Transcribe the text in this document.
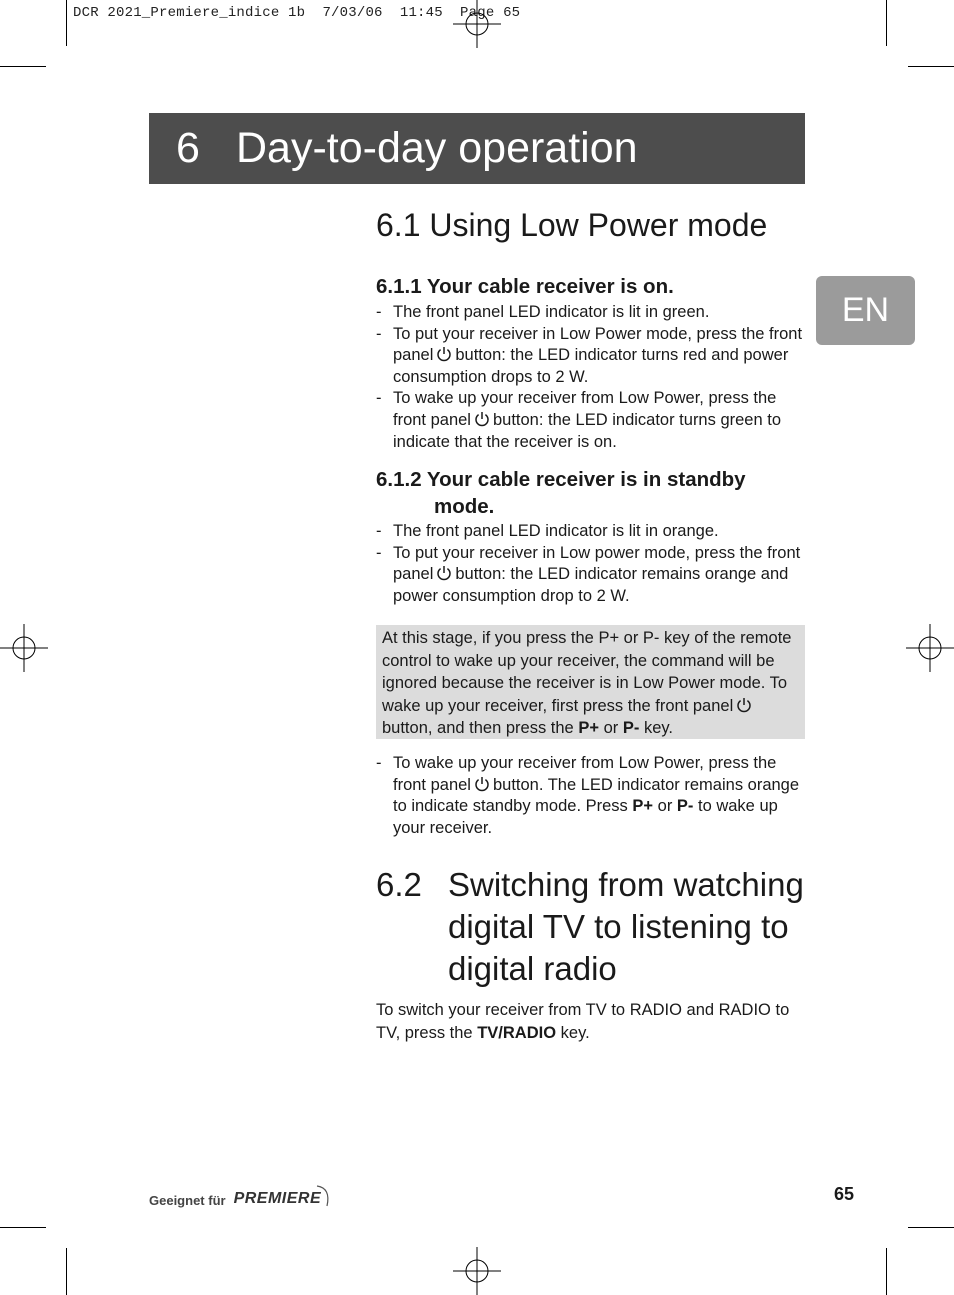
DCR 2021_Premiere_indice 1b  7/03/06  11:45  Page 65
6 Day-to-day operation
EN
6.1 Using Low Power mode
6.1.1 Your cable receiver is on.
- The front panel LED indicator is lit in green.
- To put your receiver in Low Power mode, press the front panel button: the LED indicator turns red and power consumption drops to 2 W.
- To wake up your receiver from Low Power, press the front panel button: the LED indicator turns green to indicate that the receiver is on.
6.1.2 Your cable receiver is in standby
mode.
- The front panel LED indicator is lit in orange.
- To put your receiver in Low power mode, press the front panel button: the LED indicator remains orange and power consumption drop to 2 W.
At this stage, if you press the P+ or P- key of the remote control to wake up your receiver, the command will be ignored because the receiver is in Low Power mode. To wake up your receiver, first press the front panel
button, and then press the P+ or P- key.
- To wake up your receiver from Low Power, press the front panel button. The LED indicator remains orange to indicate standby mode. Press P+ or P- to wake up your receiver.
6.2 Switching from watching
digital TV to listening to
digital radio
To switch your receiver from TV to RADIO and RADIO to TV, press the TV/RADIO key.
Geeignet für PREMIERE	65
